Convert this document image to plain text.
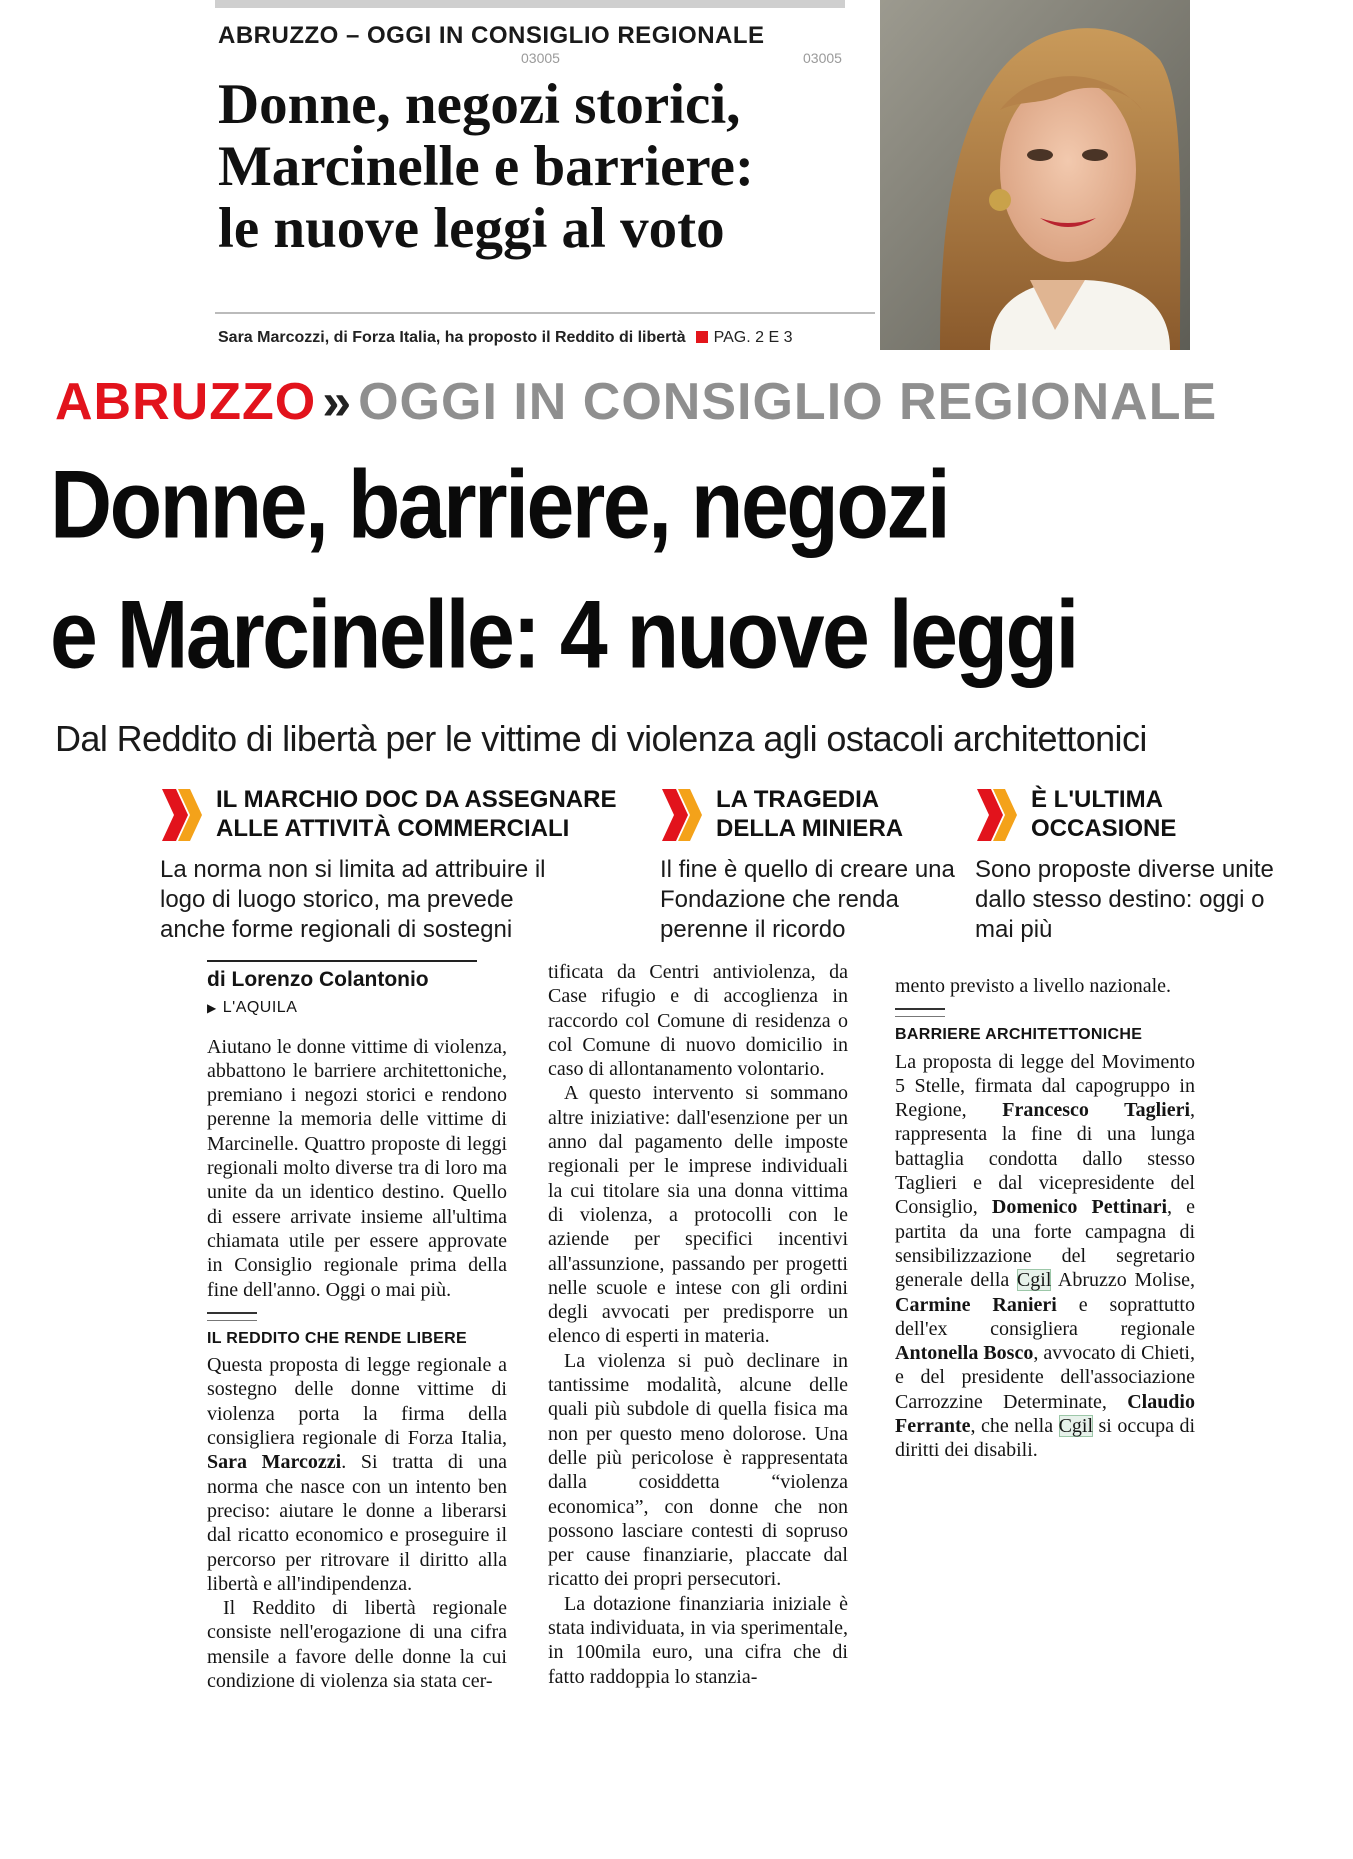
ABRUZZO – OGGI IN CONSIGLIO REGIONALE
03005	03005
Donne, negozi storici,
Marcinelle e barriere:
le nuove leggi al voto
Sara Marcozzi, di Forza Italia, ha proposto il Reddito di libertà PAG. 2 E 3
ABRUZZO » OGGI IN CONSIGLIO REGIONALE
Donne, barriere, negozi
e Marcinelle: 4 nuove leggi
Dal Reddito di libertà per le vittime di violenza agli ostacoli architettonici
IL MARCHIO DOC DA ASSEGNARE
ALLE ATTIVITÀ COMMERCIALI
La norma non si limita ad attribuire il logo di luogo storico, ma prevede anche forme regionali di sostegni
LA TRAGEDIA
DELLA MINIERA
Il fine è quello di creare una Fondazione che renda perenne il ricordo
È L'ULTIMA
OCCASIONE
Sono proposte diverse unite dallo stesso destino: oggi o mai più
di Lorenzo Colantonio
▶ L'AQUILA

Aiutano le donne vittime di violenza, abbattono le barriere architettoniche, premiano i negozi storici e rendono perenne la memoria delle vittime di Marcinelle. Quattro proposte di leggi regionali molto diverse tra di loro ma unite da un identico destino. Quello di essere arrivate insieme all'ultima chiamata utile per essere approvate in Consiglio regionale prima della fine dell'anno. Oggi o mai più.

IL REDDITO CHE RENDE LIBERE

Questa proposta di legge regionale a sostegno delle donne vittime di violenza porta la firma della consigliera regionale di Forza Italia, Sara Marcozzi. Si tratta di una norma che nasce con un intento ben preciso: aiutare le donne a liberarsi dal ricatto economico e proseguire il percorso per ritrovare il diritto alla libertà e all'indipendenza.

Il Reddito di libertà regionale consiste nell'erogazione di una cifra mensile a favore delle donne la cui condizione di violenza sia stata cer-

tificata da Centri antiviolenza, da Case rifugio e di accoglienza in raccordo col Comune di residenza o col Comune di nuovo domicilio in caso di allontanamento volontario.

A questo intervento si sommano altre iniziative: dall'esenzione per un anno dal pagamento delle imposte regionali per le imprese individuali la cui titolare sia una donna vittima di violenza, a protocolli con le aziende per specifici incentivi all'assunzione, passando per progetti nelle scuole e intese con gli ordini degli avvocati per predisporre un elenco di esperti in materia.

La violenza si può declinare in tantissime modalità, alcune delle quali più subdole di quella fisica ma non per questo meno dolorose. Una delle più pericolose è rappresentata dalla cosiddetta “violenza economica”, con donne che non possono lasciare contesti di sopruso per cause finanziarie, placcate dal ricatto dei propri persecutori.

La dotazione finanziaria iniziale è stata individuata, in via sperimentale, in 100mila euro, una cifra che di fatto raddoppia lo stanzia-

mento previsto a livello nazionale.

BARRIERE ARCHITETTONICHE

La proposta di legge del Movimento 5 Stelle, firmata dal capogruppo in Regione, Francesco Taglieri, rappresenta la fine di una lunga battaglia condotta dallo stesso Taglieri e dal vicepresidente del Consiglio, Domenico Pettinari, e partita da una forte campagna di sensibilizzazione del segretario generale della Cgil Abruzzo Molise, Carmine Ranieri e soprattutto dell'ex consigliera regionale Antonella Bosco, avvocato di Chieti, e del presidente dell'associazione Carrozzine Determinate, Claudio Ferrante, che nella Cgil si occupa di diritti dei disabili.
